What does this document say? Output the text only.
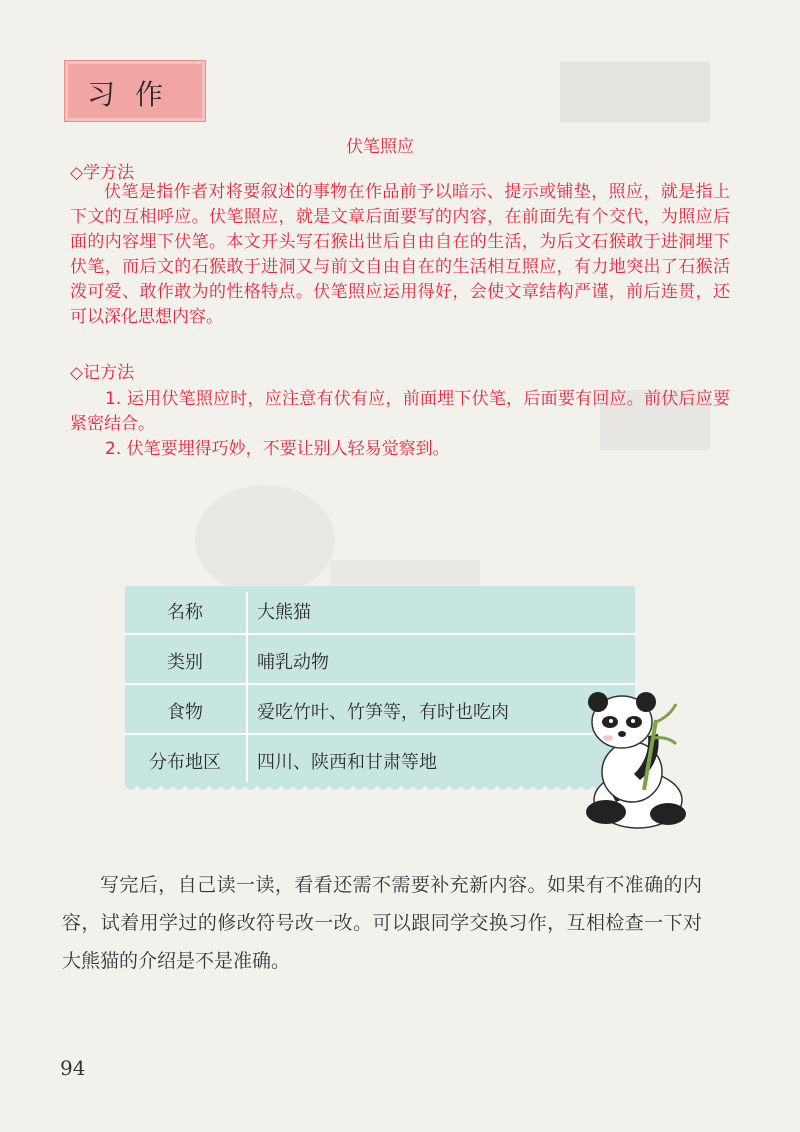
习作
伏笔照应
◇学方法
伏笔是指作者对将要叙述的事物在作品前予以暗示、提示或铺垫，照应，就是指上下文的互相呼应。伏笔照应，就是文章后面要写的内容，在前面先有个交代，为照应后面的内容埋下伏笔。本文开头写石猴出世后自由自在的生活，为后文石猴敢于进洞埋下伏笔，而后文的石猴敢于进洞又与前文自由自在的生活相互照应，有力地突出了石猴活泼可爱、敢作敢为的性格特点。伏笔照应运用得好，会使文章结构严谨，前后连贯，还可以深化思想内容。
◇记方法
1. 运用伏笔照应时，应注意有伏有应，前面埋下伏笔，后面要有回应。前伏后应要紧密结合。
2. 伏笔要埋得巧妙，不要让别人轻易觉察到。
名称	大熊猫
类别	哺乳动物
食物	爱吃竹叶、竹笋等，有时也吃肉
分布地区	四川、陕西和甘肃等地
写完后，自己读一读，看看还需不需要补充新内容。如果有不准确的内容，试着用学过的修改符号改一改。可以跟同学交换习作，互相检查一下对大熊猫的介绍是不是准确。
94
